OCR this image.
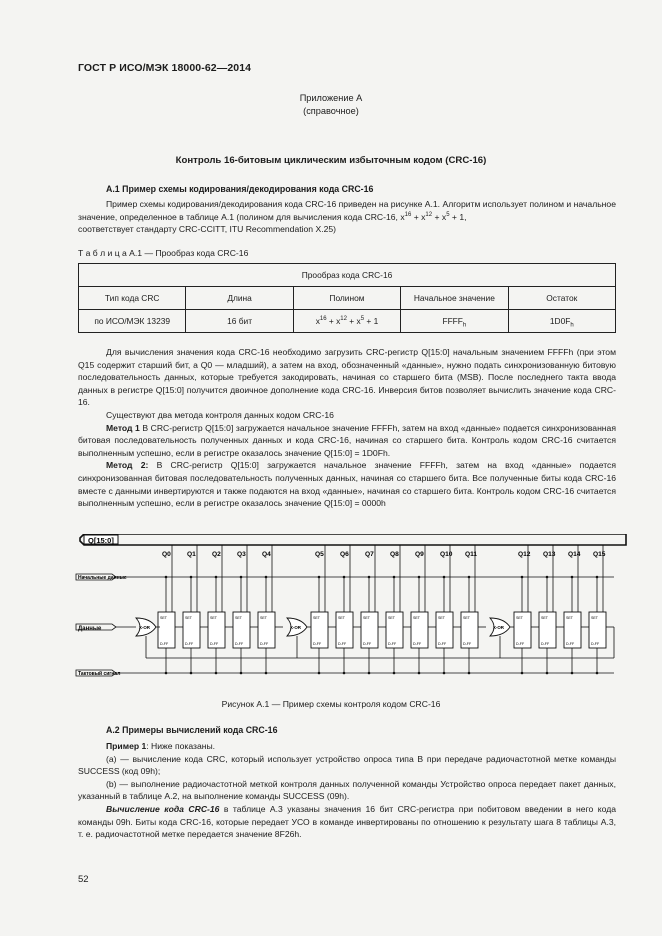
ГОСТ Р ИСО/МЭК 18000-62—2014
Приложение А
(справочное)
Контроль 16-битовым циклическим избыточным кодом (CRC-16)
А.1 Пример схемы кодирования/декодирования кода CRC-16

Пример схемы кодирования/декодирования кода CRC-16 приведен на рисунке А.1. Алгоритм использует полином и начальное значение, определенное в таблице А.1 (полином для вычисления кода CRC-16, $x^{16} + x^{12} + x^5 + 1$,

соответствует стандарту CRC-CCITT, ITU Recommendation X.25)

Т а б л и ц а А.1 — Прообраз кода CRC-16
Прообраз кода CRC-16				
Тип кода CRC	Длина	Полином	Начальное значение	Остаток
по ИСО/МЭК 13239	16 бит	$x^{16} + x^{12} + x^5 + 1$	$FFFF_h$	$1D0F_h$

Для вычисления значения кода CRC-16 необходимо загрузить CRC-регистр Q[15:0] начальным значением FFFFh (при этом Q15 содержит старший бит, а Q0 — младший), а затем на вход, обозначенный «данные», нужно подать синхронизованную битовую последовательность данных, которые требуется закодировать, начиная со старшего бита (MSB). После последнего такта ввода данных в регистре Q[15:0] получится двоичное дополнение кода CRC-16. Инверсия битов позволяет вычислить значение кода CRC-16.

Существуют два метода контроля данных кодом CRC-16

Метод 1 В CRC-регистр Q[15:0] загружается начальное значение FFFFh, затем на вход «данные» подается синхронизованная битовая последовательность полученных данных и кода CRC-16, начиная со старшего бита. Контроль кодом CRC-16 считается выполненным успешно, если в регистре оказалось значение Q[15:0] = 1D0Fh.

Метод 2: В CRC-регистр Q[15:0] загружается начальное значение FFFFh, затем на вход «данные» подается синхронизованная битовая последовательность полученных данных, начиная со старшего бита. Все полученные биты кода CRC-16 вместе с данными инвертируются и также подаются на вход «данные», начиная со старшего бита. Контроль кодом CRC-16 считается выполненным успешно, если в регистре оказалось значение Q[15:0] = 0000h

Q[15:0]
Начальные данные
Данные
Тактовый сигнал
SET
D-FF
SET
D-FF
SET
D-FF
SET
D-FF
SET
D-FF
SET
D-FF
SET
D-FF
SET
D-FF
SET
D-FF
SET
D-FF
SET
D-FF
SET
D-FF
SET
D-FF
SET
D-FF
SET
D-FF
SET
D-FF
X-OR	X-OR	X-OR
Q0 Q1 Q2 Q3 Q4	Q5 Q6 Q7 Q8 Q9 Q10 Q11	Q12 Q13 Q14 Q15
Рисунок А.1 — Пример схемы контроля кодом CRC-16
А.2 Примеры вычислений кода CRC-16

Пример 1: Ниже показаны.

(а) — вычисление кода CRC, который использует устройство опроса типа В при передаче радиочастотной метке команды SUCCESS (код 09h);

(b) — выполнение радиочастотной меткой контроля данных полученной команды Устройство опроса передает пакет данных, указанный в таблице А.2, на выполнение команды SUCCESS (09h).

Вычисление кода CRC-16 в таблице А.3 указаны значения 16 бит CRC-регистра при побитовом введении в него кода команды 09h. Биты кода CRC-16, которые передает УСО в команде инвертированы по отношению к результату шага 8 таблицы А.3, т. е. радиочастотной метке передается значение 8F26h.

52
